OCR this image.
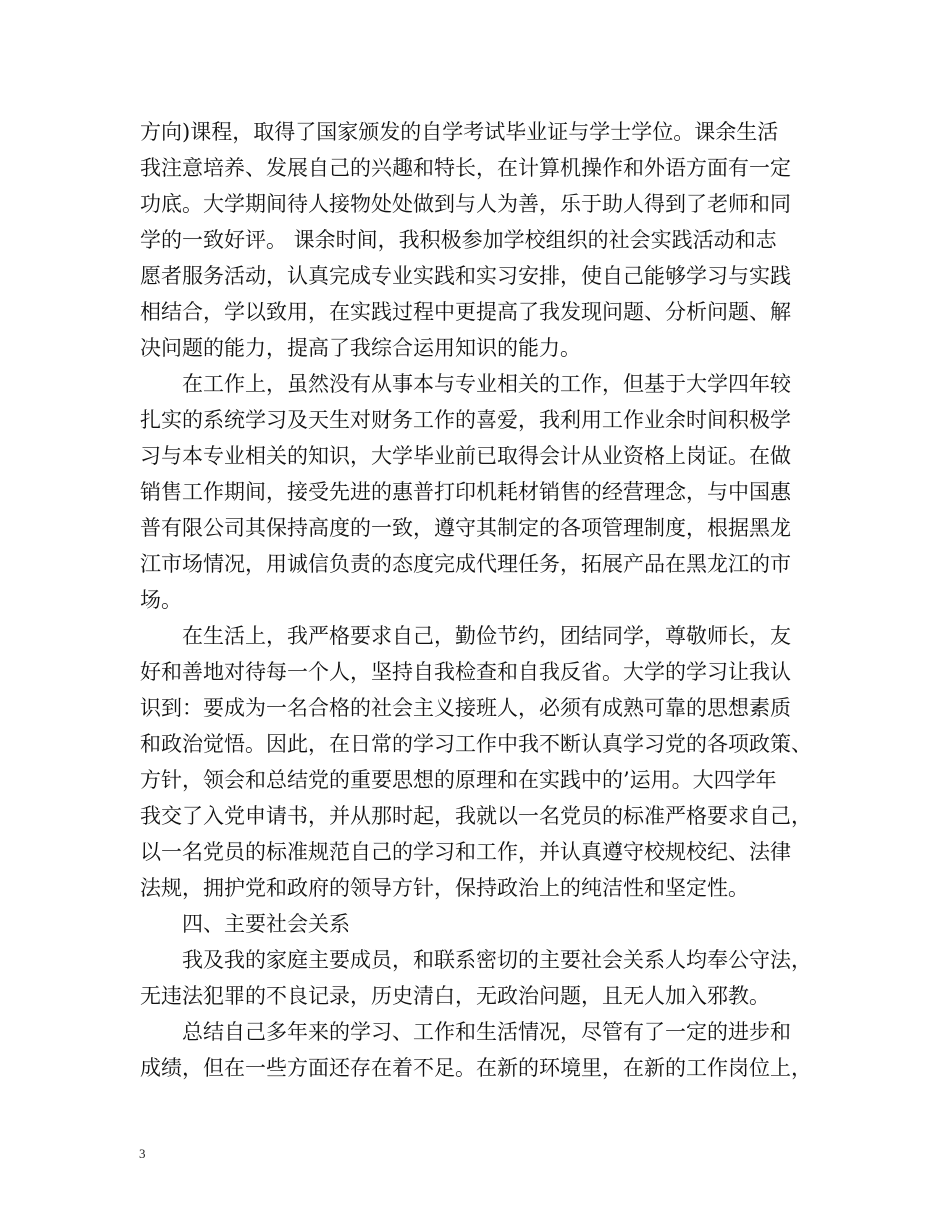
方向)课程，取得了国家颁发的自学考试毕业证与学士学位。课余生活
我注意培养、发展自己的兴趣和特长，在计算机操作和外语方面有一定
功底。大学期间待人接物处处做到与人为善，乐于助人得到了老师和同
学的一致好评。 课余时间，我积极参加学校组织的社会实践活动和志
愿者服务活动，认真完成专业实践和实习安排，使自己能够学习与实践
相结合，学以致用，在实践过程中更提高了我发现问题、分析问题、解
决问题的能力，提高了我综合运用知识的能力。
在工作上，虽然没有从事本与专业相关的工作，但基于大学四年较
扎实的系统学习及天生对财务工作的喜爱，我利用工作业余时间积极学
习与本专业相关的知识，大学毕业前已取得会计从业资格上岗证。在做
销售工作期间，接受先进的惠普打印机耗材销售的经营理念，与中国惠
普有限公司其保持高度的一致，遵守其制定的各项管理制度，根据黑龙
江市场情况，用诚信负责的态度完成代理任务，拓展产品在黑龙江的市
场。
在生活上，我严格要求自己，勤俭节约，团结同学，尊敬师长，友
好和善地对待每一个人，坚持自我检查和自我反省。大学的学习让我认
识到：要成为一名合格的社会主义接班人，必须有成熟可靠的思想素质
和政治觉悟。因此，在日常的学习工作中我不断认真学习党的各项政策、
方针，领会和总结党的重要思想的原理和在实践中的’运用。大四学年
我交了入党申请书，并从那时起，我就以一名党员的标准严格要求自己，
以一名党员的标准规范自己的学习和工作，并认真遵守校规校纪、法律
法规，拥护党和政府的领导方针，保持政治上的纯洁性和坚定性。
四、主要社会关系
我及我的家庭主要成员，和联系密切的主要社会关系人均奉公守法，
无违法犯罪的不良记录，历史清白，无政治问题，且无人加入邪教。
总结自己多年来的学习、工作和生活情况，尽管有了一定的进步和
成绩，但在一些方面还存在着不足。在新的环境里，在新的工作岗位上，
3
